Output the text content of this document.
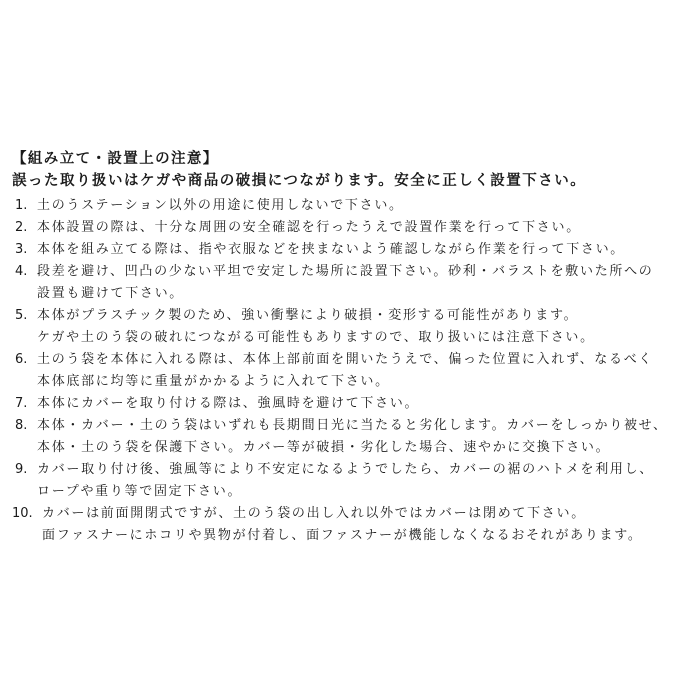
【組み立て・設置上の注意】
誤った取り扱いはケガや商品の破損につながります。安全に正しく設置下さい。
1. 土のうステーション以外の用途に使用しないで下さい。
2. 本体設置の際は、十分な周囲の安全確認を行ったうえで設置作業を行って下さい。
3. 本体を組み立てる際は、指や衣服などを挟まないよう確認しながら作業を行って下さい。
4. 段差を避け、凹凸の少ない平坦で安定した場所に設置下さい。砂利・バラストを敷いた所への
設置も避けて下さい。
5. 本体がプラスチック製のため、強い衝撃により破損・変形する可能性があります。
ケガや土のう袋の破れにつながる可能性もありますので、取り扱いには注意下さい。
6. 土のう袋を本体に入れる際は、本体上部前面を開いたうえで、偏った位置に入れず、なるべく
本体底部に均等に重量がかかるように入れて下さい。
7. 本体にカバーを取り付ける際は、強風時を避けて下さい。
8. 本体・カバー・土のう袋はいずれも長期間日光に当たると劣化します。カバーをしっかり被せ、
本体・土のう袋を保護下さい。カバー等が破損・劣化した場合、速やかに交換下さい。
9. カバー取り付け後、強風等により不安定になるようでしたら、カバーの裾のハトメを利用し、
ロープや重り等で固定下さい。
10. カバーは前面開閉式ですが、土のう袋の出し入れ以外ではカバーは閉めて下さい。
面ファスナーにホコリや異物が付着し、面ファスナーが機能しなくなるおそれがあります。
